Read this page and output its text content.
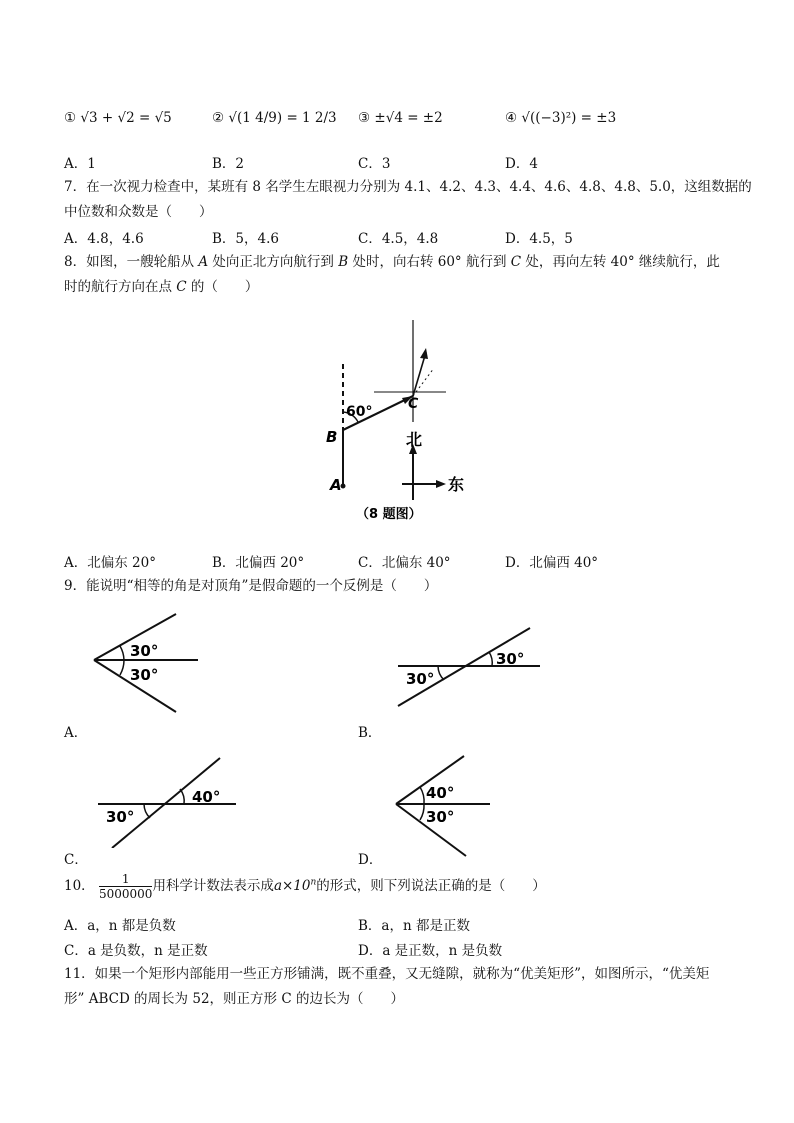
① √3 + √2 = √5	② √(1 4/9) = 1 2/3 ③ ±√4 = ±2	④ √((−3)²) = ±3
A．1	B．2	C．3	D．4
7．在一次视力检查中，某班有 8 名学生左眼视力分别为 4.1、4.2、4.3、4.4、4.6、4.8、4.8、5.0，这组数据的
中位数和众数是（　　）
A．4.8，4.6	B．5，4.6	C．4.5，4.8	D．4.5，5
8．如图，一艘轮船从 A 处向正北方向航行到 B 处时，向右转 60° 航行到 C 处，再向左转 40° 继续航行，此
时的航行方向在点 C 的（　　）
A
B
C
60°
北
东
（8 题图）
A．北偏东 20°	B．北偏西 20°	C．北偏东 40°	D．北偏西 40°
9．能说明“相等的角是对顶角”是假命题的一个反例是（　　）
30°
30°
A．
30°
30°
B．
40°
30°
C．
40°
30°
D．
10． $\frac{1}{5000000}$ 用科学计数法表示成$a\times 10^n$的形式，则下列说法正确的是（　　）
A．a，n 都是负数	B．a，n 都是正数
C．a 是负数，n 是正数	D．a 是正数，n 是负数
11．如果一个矩形内部能用一些正方形铺满，既不重叠，又无缝隙，就称为“优美矩形”，如图所示，“优美矩
形” ABCD 的周长为 52，则正方形 C 的边长为（　　）
